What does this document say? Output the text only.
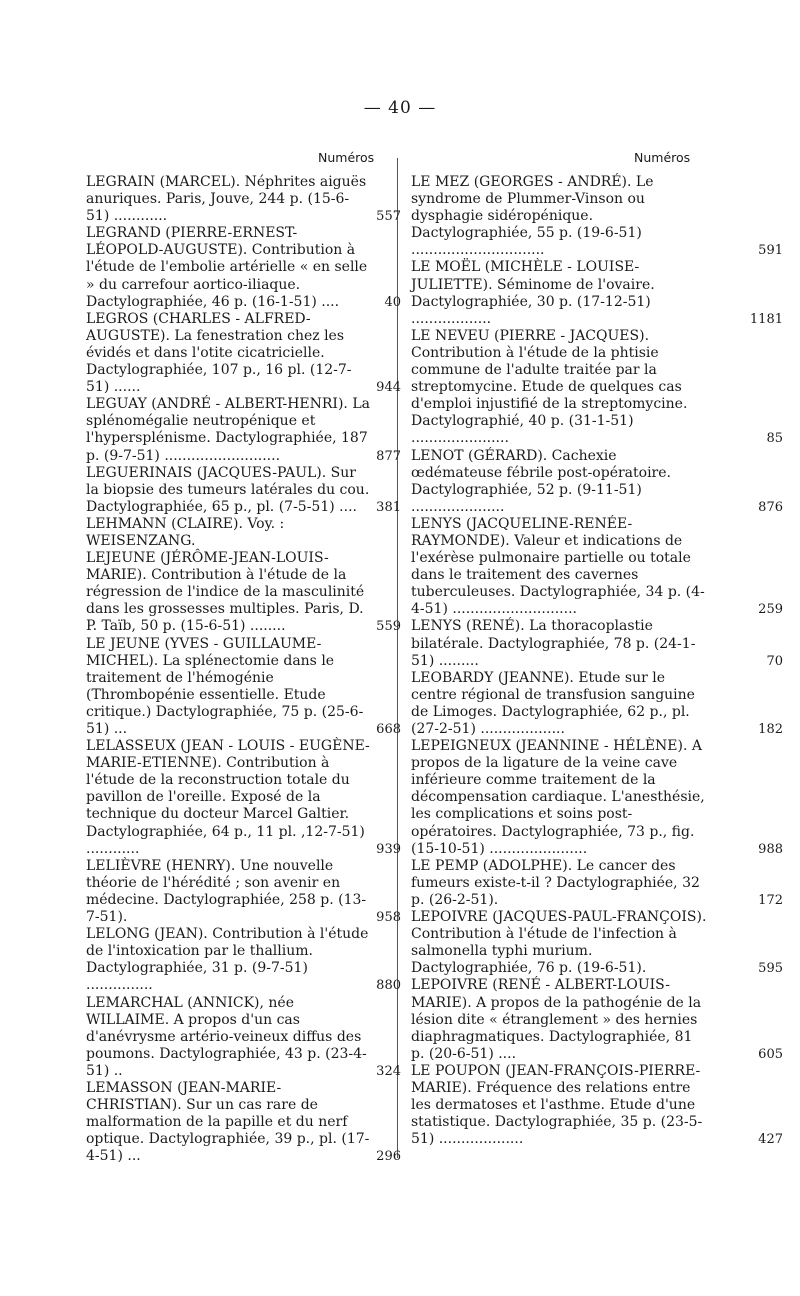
— 40 —
Numéros	Numéros
LEGRAIN (MARCEL). Néphrites aiguës anuriques. Paris, Jouve, 244 p. (15-6-51) ............	557
LEGRAND (PIERRE-ERNEST-LÉOPOLD-AUGUSTE). Contribution à l'étude de l'embolie artérielle « en selle » du carrefour aortico-iliaque. Dactylographiée, 46 p. (16-1-51) ....	40
LEGROS (CHARLES - ALFRED-AUGUSTE). La fenestration chez les évidés et dans l'otite cicatricielle. Dactylographiée, 107 p., 16 pl. (12-7-51) ......	944
LEGUAY (ANDRÉ - ALBERT-HENRI). La splénomégalie neutropénique et l'hypersplénisme. Dactylographiée, 187 p. (9-7-51) ..........................	877
LEGUERINAIS (JACQUES-PAUL). Sur la biopsie des tumeurs latérales du cou. Dactylographiée, 65 p., pl. (7-5-51) ....	381
LEHMANN (CLAIRE). Voy. : WEISENZANG.
LEJEUNE (JÉRÔME-JEAN-LOUIS-MARIE). Contribution à l'étude de la régression de l'indice de la masculinité dans les grossesses multiples. Paris, D. P. Taïb, 50 p. (15-6-51) ........	559
LE JEUNE (YVES - GUILLAUME-MICHEL). La splénectomie dans le traitement de l'hémogénie (Thrombopénie essentielle. Etude critique.) Dactylographiée, 75 p. (25-6-51) ...	668
LELASSEUX (JEAN - LOUIS - EUGÈNE-MARIE-ETIENNE). Contribution à l'étude de la reconstruction totale du pavillon de l'oreille. Exposé de la technique du docteur Marcel Galtier. Dactylographiée, 64 p., 11 pl. ,12-7-51) ............	939
LELIÈVRE (HENRY). Une nouvelle théorie de l'hérédité ; son avenir en médecine. Dactylographiée, 258 p. (13-7-51).	958
LELONG (JEAN). Contribution à l'étude de l'intoxication par le thallium. Dactylographiée, 31 p. (9-7-51) ...............	880
LEMARCHAL (ANNICK), née WILLAIME. A propos d'un cas d'anévrysme artério-veineux diffus des poumons. Dactylographiée, 43 p. (23-4-51) ..	324
LEMASSON (JEAN-MARIE-CHRISTIAN). Sur un cas rare de malformation de la papille et du nerf optique. Dactylographiée, 39 p., pl. (17-4-51) ...	296
LE MEZ (GEORGES - ANDRÉ). Le syndrome de Plummer-Vinson ou dysphagie sidéropénique. Dactylographiée, 55 p. (19-6-51) ..............................	591
LE MOËL (MICHÈLE - LOUISE-JULIETTE). Séminome de l'ovaire. Dactylographiée, 30 p. (17-12-51) ..................	1181
LE NEVEU (PIERRE - JACQUES). Contribution à l'étude de la phtisie commune de l'adulte traitée par la streptomycine. Etude de quelques cas d'emploi injustifié de la streptomycine. Dactylographié, 40 p. (31-1-51) ......................	85
LENOT (GÉRARD). Cachexie œdémateuse fébrile post-opératoire. Dactylographiée, 52 p. (9-11-51) .....................	876
LENYS (JACQUELINE-RENÉE-RAYMONDE). Valeur et indications de l'exérèse pulmonaire partielle ou totale dans le traitement des cavernes tuberculeuses. Dactylographiée, 34 p. (4-4-51) ............................	259
LENYS (RENÉ). La thoracoplastie bilatérale. Dactylographiée, 78 p. (24-1-51) .........	70
LEOBARDY (JEANNE). Etude sur le centre régional de transfusion sanguine de Limoges. Dactylographiée, 62 p., pl. (27-2-51) ...................	182
LEPEIGNEUX (JEANNINE - HÉLÈNE). A propos de la ligature de la veine cave inférieure comme traitement de la décompensation cardiaque. L'anesthésie, les complications et soins post-opératoires. Dactylographiée, 73 p., fig. (15-10-51) ......................	988
LE PEMP (ADOLPHE). Le cancer des fumeurs existe-t-il ? Dactylographiée, 32 p. (26-2-51).	172
LEPOIVRE (JACQUES-PAUL-FRANÇOIS). Contribution à l'étude de l'infection à salmonella typhi murium. Dactylographiée, 76 p. (19-6-51).	595
LEPOIVRE (RENÉ - ALBERT-LOUIS-MARIE). A propos de la pathogénie de la lésion dite « étranglement » des hernies diaphragmatiques. Dactylographiée, 81 p. (20-6-51) ....	605
LE POUPON (JEAN-FRANÇOIS-PIERRE-MARIE). Fréquence des relations entre les dermatoses et l'asthme. Etude d'une statistique. Dactylographiée, 35 p. (23-5-51) ...................	427
